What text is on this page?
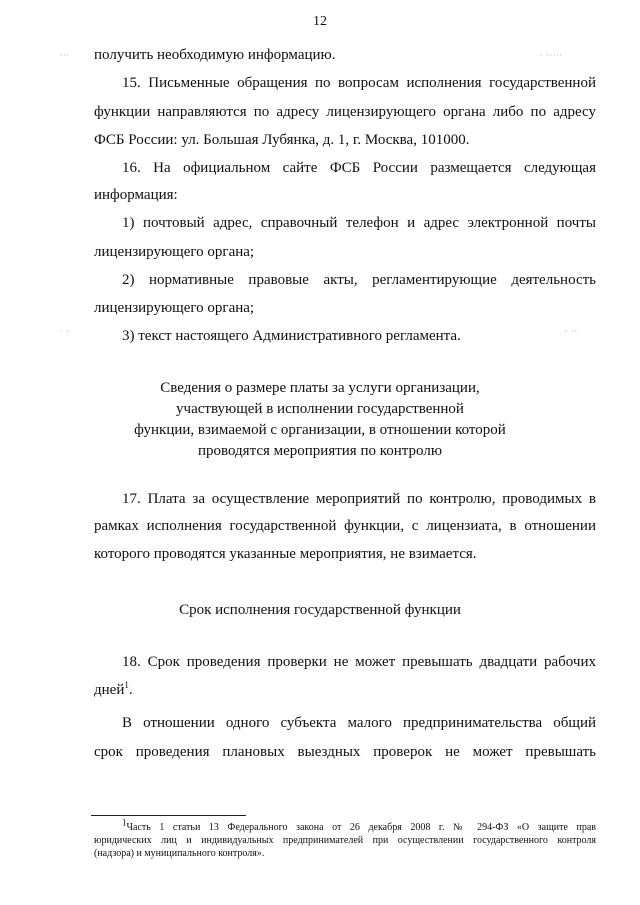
12
∙∙∙	∙ ∙∙∙∙∙
получить необходимую информацию.
15. Письменные обращения по вопросам исполнения государственной
функции направляются по адресу лицензирующего органа либо по адресу
ФСБ России: ул. Большая Лубянка, д. 1, г. Москва, 101000.
16. На официальном сайте ФСБ России размещается следующая
информация:
1) почтовый адрес, справочный телефон и адрес электронной почты
лицензирующего органа;
2) нормативные правовые акты, регламентирующие деятельность
лицензирующего органа;
3) текст настоящего Административного регламента.
Сведения о размере платы за услуги организации,
участвующей в исполнении государственной
функции, взимаемой с организации, в отношении которой
проводятся мероприятия по контролю
17. Плата за осуществление мероприятий по контролю, проводимых в
рамках исполнения государственной функции, с лицензиата, в отношении
которого проводятся указанные мероприятия, не взимается.
Срок исполнения государственной функции
18. Срок проведения проверки не может превышать двадцати рабочих
дней$^1$.
В отношении одного субъекта малого предпринимательства общий
срок проведения плановых выездных проверок не может превышать
∙ ∙	∙ ∙∙
$^1$Часть 1 статьи 13 Федерального закона от 26 декабря 2008 г. № 294-ФЗ «О защите прав
юридических лиц и индивидуальных предпринимателей при осуществлении государственного контроля
(надзора) и муниципального контроля».
